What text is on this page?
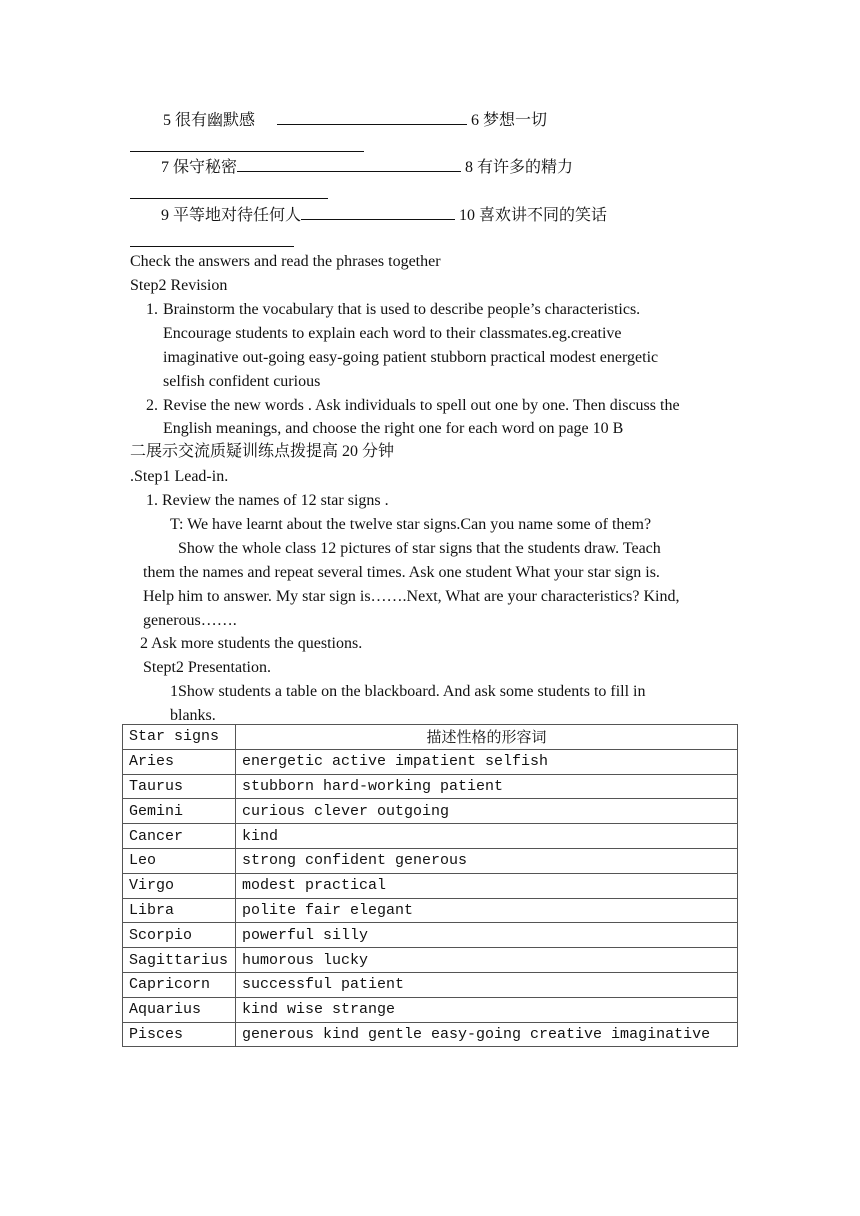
5 很有幽默感	6 梦想一切
7 保守秘密	8 有许多的精力
9 平等地对待任何人	10 喜欢讲不同的笑话
Check the answers and read the phrases together
Step2 Revision
1. Brainstorm the vocabulary that is used to describe people’s characteristics.
Encourage students to explain each word to their classmates.eg.creative
imaginative out-going easy-going patient stubborn practical modest energetic
selfish confident curious
2. Revise the new words . Ask individuals to spell out one by one. Then discuss the
English meanings, and choose the right one for each word on page 10 B
二展示交流质疑训练点拨提高 20 分钟
.Step1 Lead-in.
1. Review the names of 12 star signs .
T: We have learnt about the twelve star signs.Can you name some of them?
Show the whole class 12 pictures of star signs that the students draw. Teach
them the names and repeat several times. Ask one student What your star sign is.
Help him to answer. My star sign is…….Next, What are your characteristics? Kind,
generous…….
2 Ask more students the questions.
Stept2 Presentation.
1Show students a table on the blackboard. And ask some students to fill in
blanks.
Star signs	描述性格的形容词
Aries	energetic active impatient selfish
Taurus	stubborn hard-working patient
Gemini	curious clever outgoing
Cancer	kind
Leo	strong confident generous
Virgo	modest practical
Libra	polite fair elegant
Scorpio	powerful silly
Sagittarius	humorous lucky
Capricorn	successful patient
Aquarius	kind wise strange
Pisces	generous kind gentle easy-going creative imaginative
